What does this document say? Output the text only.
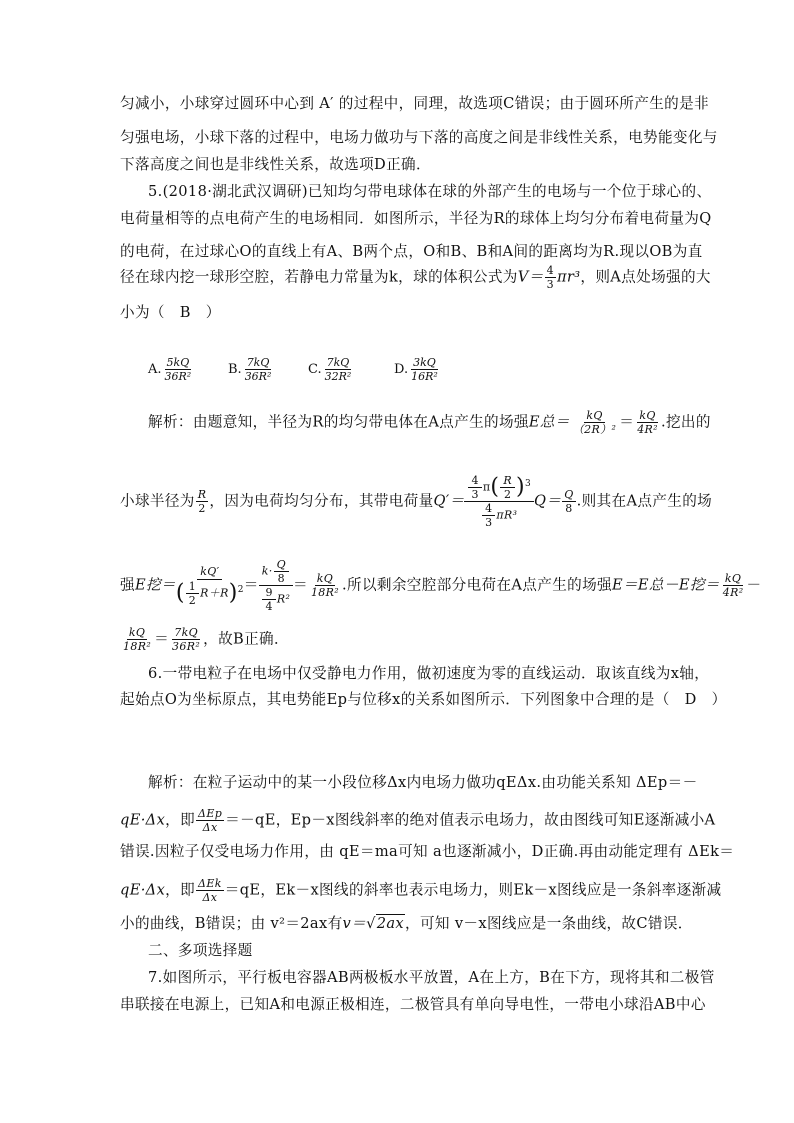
匀减小，小球穿过圆环中心到 A′ 的过程中，同理，故选项C错误；由于圆环所产生的是非
匀强电场，小球下落的过程中，电场力做功与下落的高度之间是非线性关系，电势能变化与
下落高度之间也是非线性关系，故选项D正确．
5.(2018·湖北武汉调研)已知均匀带电球体在球的外部产生的电场与一个位于球心的、
电荷量相等的点电荷产生的电场相同．如图所示，半径为R的球体上均匀分布着电荷量为Q
的电荷，在过球心O的直线上有A、B两个点，O和B、B和A间的距离均为R.现以OB为直
径在球内挖一球形空腔，若静电力常量为k，球的体积公式为$V= \frac{4}{3} \pi r^3$，则A点处场强的大
小为（　B　）
A. $\frac{5kQ}{\text{36R²}}$	B. $\frac{7kQ}{\text{36R²}}$	C. $\frac{7kQ}{\text{32R²}}$	D. $\frac{3kQ}{\text{16R²}}$
解析：由题意知，半径为R的均匀带电体在A点产生的场强E总＝ $\frac{kQ}{\text{（2R）²}} = \frac{kQ}{\text{4R²}}$ .挖出的
小球半径为 $\frac{R}{2}$ ，因为电荷均匀分布，其带电荷量$Q'= \frac{\frac{4}{3} \pi( \frac{R}{2} )^3}{\frac{4}{3} \pi R^3} Q= \frac{Q}{8}$ .则其在A点产生的场
强E挖＝ $\frac{kQ'}{( \frac{1}{2} R+R)^2} = \frac{k\cdot \frac{Q}{8}}{\frac{9}{4} R^2} = \frac{kQ}{\text{18R²}}$ .所以剩余空腔部分电荷在A点产生的场强E＝E总－E挖＝ $\frac{kQ}{\text{4R²}}$ －
$\frac{kQ}{\text{18R²}} = \frac{7kQ}{\text{36R²}}$ ，故B正确．
6.一带电粒子在电场中仅受静电力作用，做初速度为零的直线运动．取该直线为x轴，
起始点O为坐标原点，其电势能Ep与位移x的关系如图所示．下列图象中合理的是（　D　）
解析：在粒子运动中的某一小段位移Δx内电场力做功qEΔx.由功能关系知 ΔEp＝－
qE·Δx，即 $\frac{\text{ΔEp}}{\Delta x} =-qE$，Ep－x图线斜率的绝对值表示电场力，故由图线可知E逐渐减小A
错误.因粒子仅受电场力作用，由 qE＝ma可知 a也逐渐减小，D正确.再由动能定理有 ΔEk＝
qE·Δx，即 $\frac{\text{ΔEk}}{\Delta x} =qE$，Ek－x图线的斜率也表示电场力，则Ek－x图线应是一条斜率逐渐减
小的曲线，B错误；由 v²＝2ax有v＝√2ax，可知 v－x图线应是一条曲线，故C错误．
二、多项选择题
7.如图所示，平行板电容器AB两极板水平放置，A在上方，B在下方，现将其和二极管
串联接在电源上，已知A和电源正极相连，二极管具有单向导电性，一带电小球沿AB中心
